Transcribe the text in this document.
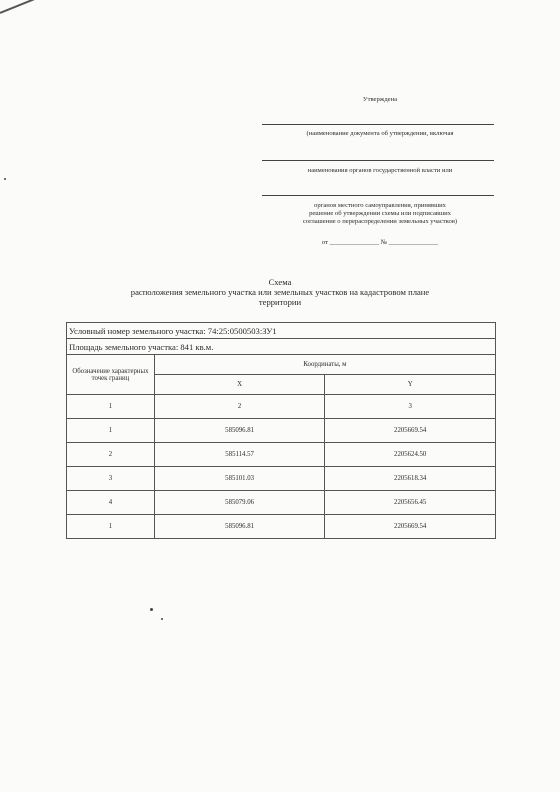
Утверждена
(наименование документа об утверждении, включая
наименования органов государственной власти или
органов местного самоуправления, принявших
решение об утверждении схемы или подписавших
соглашение о перераспределении земельных участков)
от _______________ № _______________
Схема
расположения земельного участка или земельных участков на кадастровом плане
территории
Условный номер земельного участка: 74:25:0500503:ЗУ1		
Площадь земельного участка: 841 кв.м.		
Обозначение характерных точек границ	Координаты, м	
	X	Y
1	2	3
1	585096.81	2205669.54
2	585114.57	2205624.50
3	585101.03	2205618.34
4	585079.06	2205656.45
1	585096.81	2205669.54
